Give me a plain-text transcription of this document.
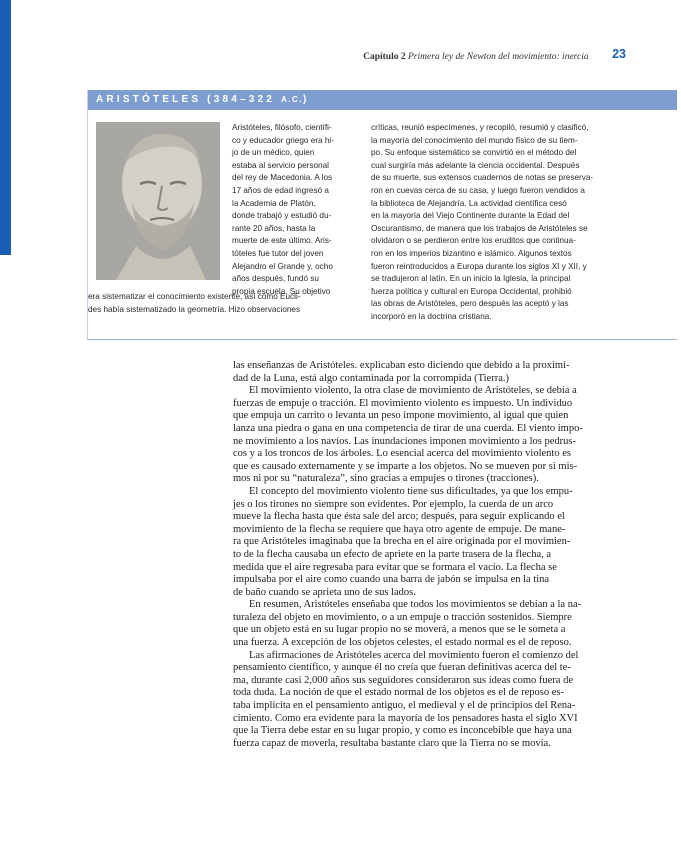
Capítulo 2 Primera ley de Newton del movimiento: inercia	23
ARISTÓTELES (384–322 A.C.)
Aristóteles, filósofo, científi-
co y educador griego era hi-
jo de un médico, quien
estaba al servicio personal
del rey de Macedonia. A los
17 años de edad ingresó a
la Academia de Platón,
donde trabajó y estudió du-
rante 20 años, hasta la
muerte de este último. Aris-
tóteles fue tutor del joven
Alejandro el Grande y, ocho
años después, fundó su
propia escuela. Su objetivo
era sistematizar el conocimiento existente, así como Eucli-
des había sistematizado la geometría. Hizo observaciones
críticas, reunió especímenes, y recopiló, resumió y clasificó,
la mayoría del conocimiento del mundo físico de su tiem-
po. Su enfoque sistemático se convirtió en el método del
cual surgiría más adelante la ciencia occidental. Después
de su muerte, sus extensos cuadernos de notas se preserva-
ron en cuevas cerca de su casa, y luego fueron vendidos a
la biblioteca de Alejandría. La actividad científica cesó
en la mayoría del Viejo Continente durante la Edad del
Oscurantismo, de manera que los trabajos de Aristóteles se
olvidaron o se perdieron entre los eruditos que continua-
ron en los imperios bizantino e islámico. Algunos textos
fueron reintroducidos a Europa durante los siglos XI y XII, y
se tradujeron al latín. En un inicio la Iglesia, la principal
fuerza política y cultural en Europa Occidental, prohibió
las obras de Aristóteles, pero después las aceptó y las
incorporó en la doctrina cristiana.
las enseñanzas de Aristóteles. explicaban esto diciendo que debido a la proximi-
dad de la Luna, está algo contaminada por la corrompida (Tierra.)
El movimiento violento, la otra clase de movimiento de Aristóteles, se debía a
fuerzas de empuje o tracción. El movimiento violento es impuesto. Un individuo
que empuja un carrito o levanta un peso impone movimiento, al igual que quien
lanza una piedra o gana en una competencia de tirar de una cuerda. El viento impo-
ne movimiento a los navíos. Las inundaciones imponen movimiento a los pedrus-
cos y a los troncos de los árboles. Lo esencial acerca del movimiento violento es
que es causado externamente y se imparte a los objetos. No se mueven por sí mis-
mos ni por su “naturaleza”, sino gracias a empujes o tirones (tracciones).
El concepto del movimiento violento tiene sus dificultades, ya que los empu-
jes o los tirones no siempre son evidentes. Por ejemplo, la cuerda de un arco
mueve la flecha hasta que ésta sale del arco; después, para seguir explicando el
movimiento de la flecha se requiere que haya otro agente de empuje. De mane-
ra que Aristóteles imaginaba que la brecha en el aire originada por el movimien-
to de la flecha causaba un efecto de apriete en la parte trasera de la flecha, a
medida que el aire regresaba para evitar que se formara el vacío. La flecha se
impulsaba por el aire como cuando una barra de jabón se impulsa en la tina
de baño cuando se aprieta uno de sus lados.
En resumen, Aristóteles enseñaba que todos los movimientos se debían a la na-
turaleza del objeto en movimiento, o a un empuje o tracción sostenidos. Siempre
que un objeto está en su lugar propio no se moverá, a menos que se le someta a
una fuerza. A excepción de los objetos celestes, el estado normal es el de reposo.
Las afirmaciones de Aristóteles acerca del movimiento fueron el comienzo del
pensamiento científico, y aunque él no creía que fueran definitivas acerca del te-
ma, durante casi 2,000 años sus seguidores consideraron sus ideas como fuera de
toda duda. La noción de que el estado normal de los objetos es el de reposo es-
taba implícita en el pensamiento antiguo, el medieval y el de principios del Rena-
cimiento. Como era evidente para la mayoría de los pensadores hasta el siglo XVI
que la Tierra debe estar en su lugar propio, y como es inconcebible que haya una
fuerza capaz de moverla, resultaba bastante claro que la Tierra no se movía.
